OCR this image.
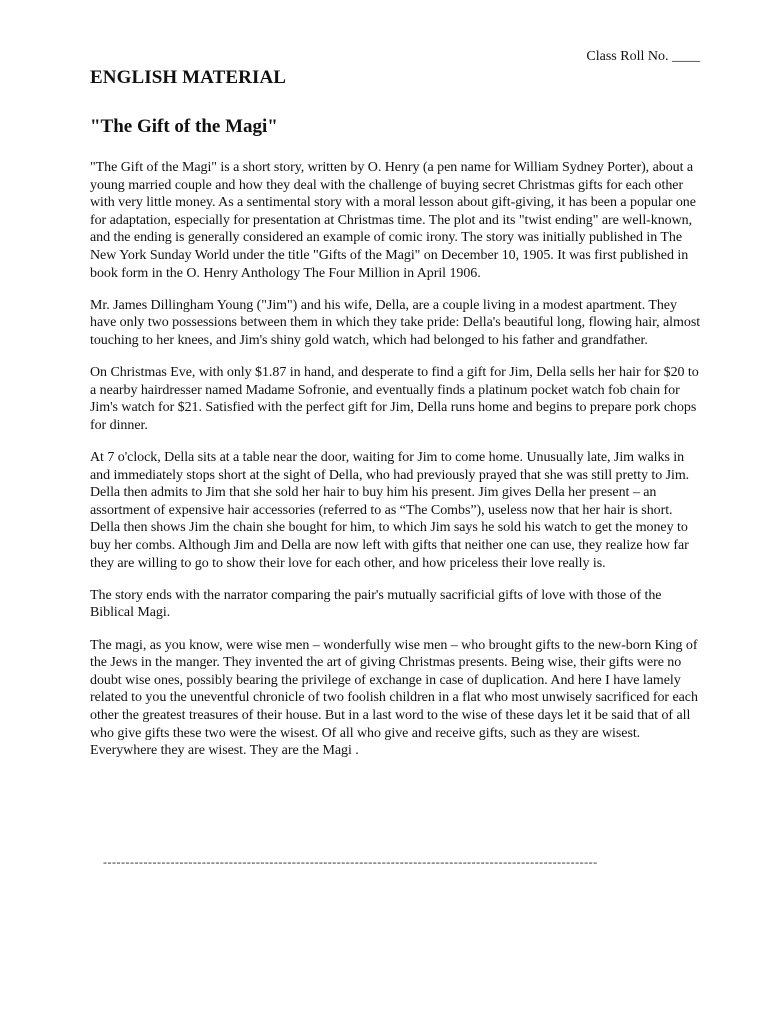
Class Roll No. ____
ENGLISH MATERIAL
"The Gift of the Magi"

"The Gift of the Magi" is a short story, written by O. Henry (a pen name for William Sydney Porter), about a young married couple and how they deal with the challenge of buying secret Christmas gifts for each other with very little money. As a sentimental story with a moral lesson about gift-giving, it has been a popular one for adaptation, especially for presentation at Christmas time. The plot and its "twist ending" are well-known, and the ending is generally considered an example of comic irony. The story was initially published in The New York Sunday World under the title "Gifts of the Magi" on December 10, 1905. It was first published in book form in the O. Henry Anthology The Four Million in April 1906.

Mr. James Dillingham Young ("Jim") and his wife, Della, are a couple living in a modest apartment. They have only two possessions between them in which they take pride: Della's beautiful long, flowing hair, almost touching to her knees, and Jim's shiny gold watch, which had belonged to his father and grandfather.

On Christmas Eve, with only $1.87 in hand, and desperate to find a gift for Jim, Della sells her hair for $20 to a nearby hairdresser named Madame Sofronie, and eventually finds a platinum pocket watch fob chain for Jim's watch for $21. Satisfied with the perfect gift for Jim, Della runs home and begins to prepare pork chops for dinner.

At 7 o'clock, Della sits at a table near the door, waiting for Jim to come home. Unusually late, Jim walks in and immediately stops short at the sight of Della, who had previously prayed that she was still pretty to Jim. Della then admits to Jim that she sold her hair to buy him his present. Jim gives Della her present – an assortment of expensive hair accessories (referred to as “The Combs”), useless now that her hair is short. Della then shows Jim the chain she bought for him, to which Jim says he sold his watch to get the money to buy her combs. Although Jim and Della are now left with gifts that neither one can use, they realize how far they are willing to go to show their love for each other, and how priceless their love really is.

The story ends with the narrator comparing the pair's mutually sacrificial gifts of love with those of the Biblical Magi.

The magi, as you know, were wise men – wonderfully wise men – who brought gifts to the new-born King of the Jews in the manger. They invented the art of giving Christmas presents. Being wise, their gifts were no doubt wise ones, possibly bearing the privilege of exchange in case of duplication. And here I have lamely related to you the uneventful chronicle of two foolish children in a flat who most unwisely sacrificed for each other the greatest treasures of their house. But in a last word to the wise of these days let it be said that of all who give gifts these two were the wisest. Of all who give and receive gifts, such as they are wisest. Everywhere they are wisest. They are the Magi .

--------------------------------------------------------------------------------------------------------------
